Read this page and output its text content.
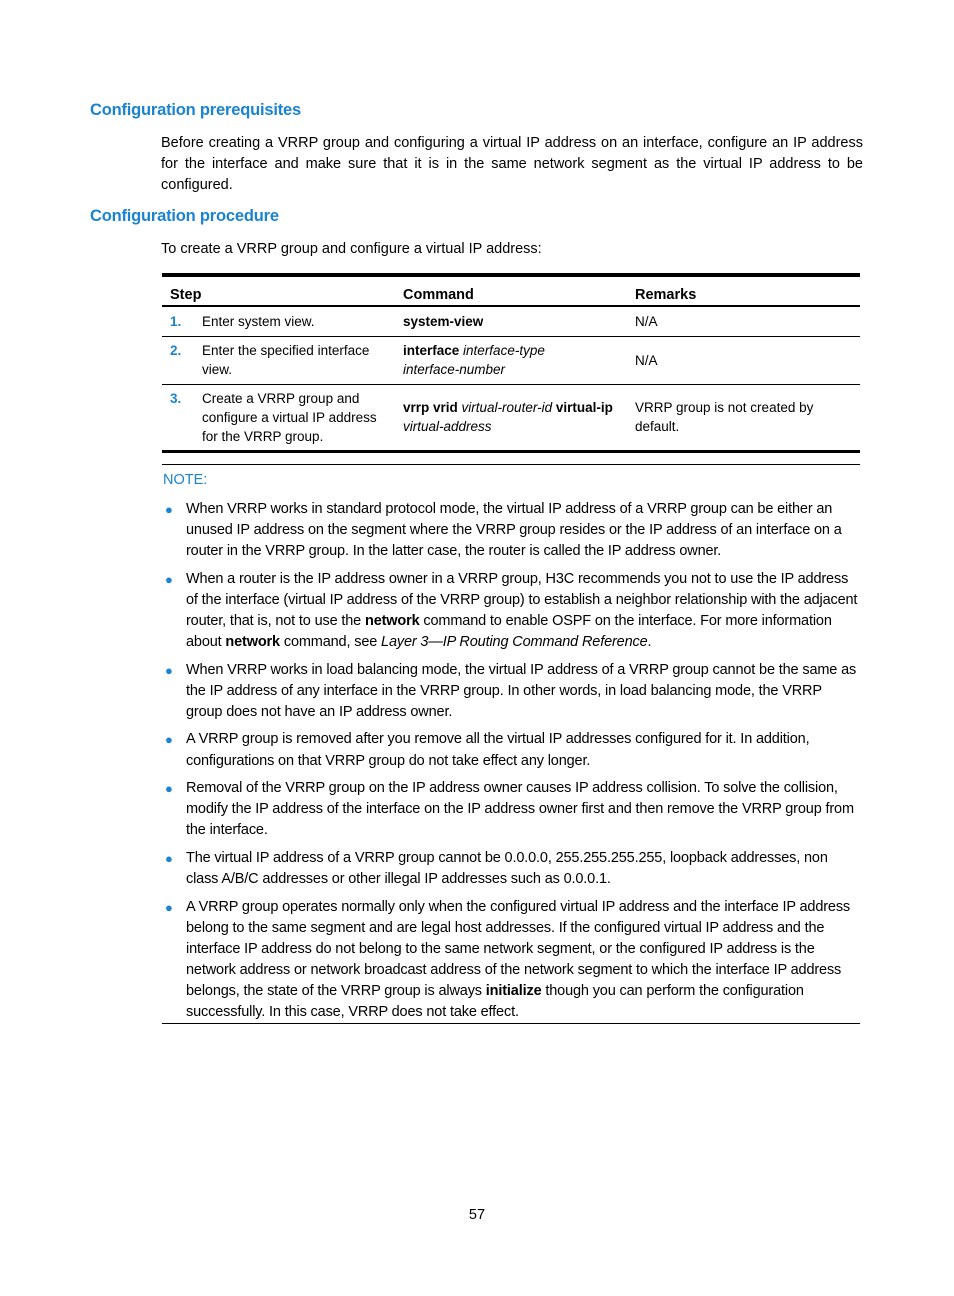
Configuration prerequisites
Before creating a VRRP group and configuring a virtual IP address on an interface, configure an IP address for the interface and make sure that it is in the same network segment as the virtual IP address to be configured.
Configuration procedure
To create a VRRP group and configure a virtual IP address:
Step	Command	Remarks

1. Enter system view.	system-view	N/A

2. Enter the specified interface view.	interface interface-type
interface-number	N/A

3. Create a VRRP group and configure a virtual IP address for the VRRP group.	vrrp vrid virtual-router-id virtual-ip
virtual-address	VRRP group is not created by default.
NOTE:
● When VRRP works in standard protocol mode, the virtual IP address of a VRRP group can be either an unused IP address on the segment where the VRRP group resides or the IP address of an interface on a router in the VRRP group. In the latter case, the router is called the IP address owner.
● When a router is the IP address owner in a VRRP group, H3C recommends you not to use the IP address of the interface (virtual IP address of the VRRP group) to establish a neighbor relationship with the adjacent router, that is, not to use the network command to enable OSPF on the interface. For more information about network command, see Layer 3—IP Routing Command Reference.
● When VRRP works in load balancing mode, the virtual IP address of a VRRP group cannot be the same as the IP address of any interface in the VRRP group. In other words, in load balancing mode, the VRRP group does not have an IP address owner.
● A VRRP group is removed after you remove all the virtual IP addresses configured for it. In addition, configurations on that VRRP group do not take effect any longer.
● Removal of the VRRP group on the IP address owner causes IP address collision. To solve the collision, modify the IP address of the interface on the IP address owner first and then remove the VRRP group from the interface.
● The virtual IP address of a VRRP group cannot be 0.0.0.0, 255.255.255.255, loopback addresses, non class A/B/C addresses or other illegal IP addresses such as 0.0.0.1.
● A VRRP group operates normally only when the configured virtual IP address and the interface IP address belong to the same segment and are legal host addresses. If the configured virtual IP address and the interface IP address do not belong to the same network segment, or the configured IP address is the network address or network broadcast address of the network segment to which the interface IP address belongs, the state of the VRRP group is always initialize though you can perform the configuration successfully. In this case, VRRP does not take effect.
57
